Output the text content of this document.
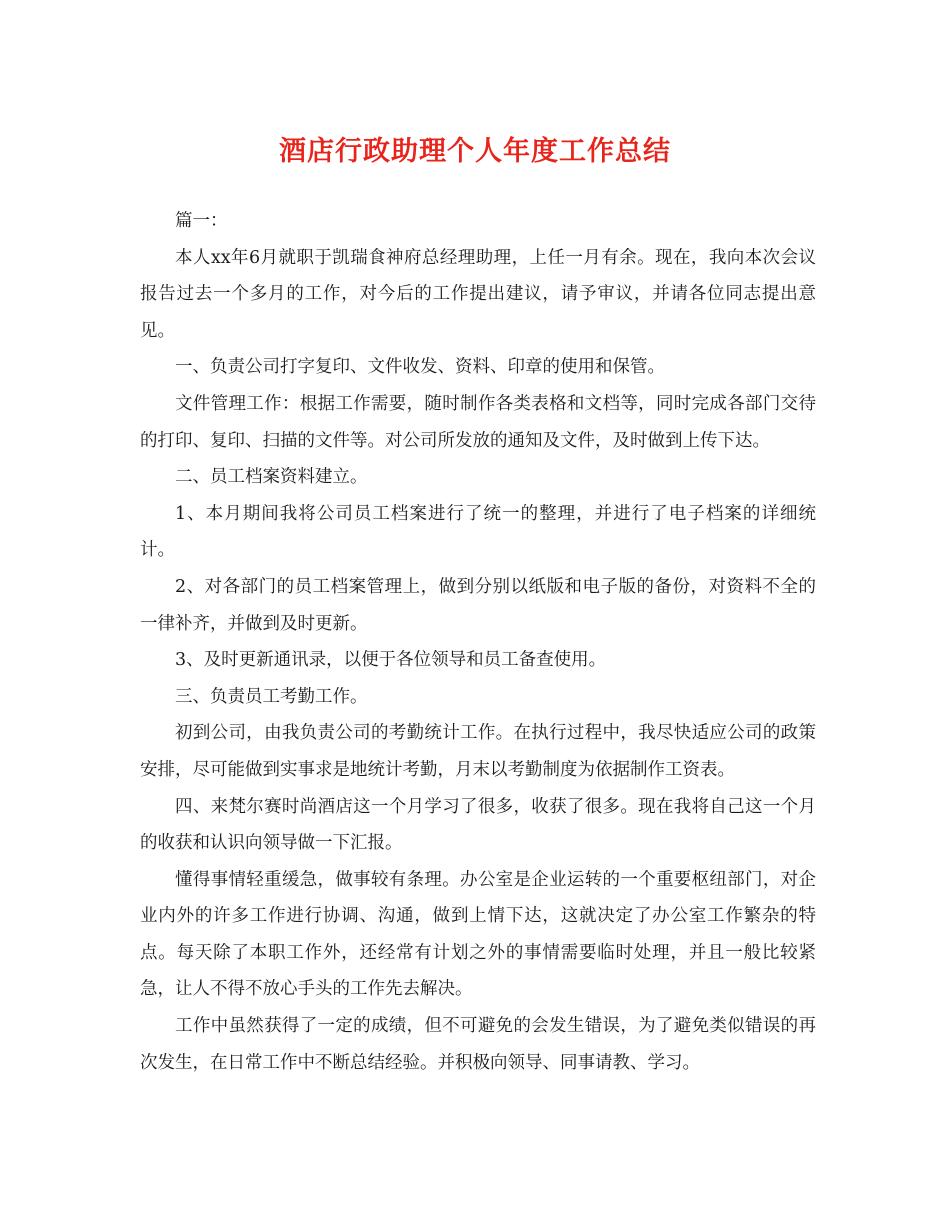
酒店行政助理个人年度工作总结

篇一：

本人xx年6月就职于凯瑞食神府总经理助理，上任一月有余。现在，我向本次会议报告过去一个多月的工作，对今后的工作提出建议，请予审议，并请各位同志提出意见。

一、负责公司打字复印、文件收发、资料、印章的使用和保管。

文件管理工作：根据工作需要，随时制作各类表格和文档等，同时完成各部门交待的打印、复印、扫描的文件等。对公司所发放的通知及文件，及时做到上传下达。

二、员工档案资料建立。

1、本月期间我将公司员工档案进行了统一的整理，并进行了电子档案的详细统计。

2、对各部门的员工档案管理上，做到分别以纸版和电子版的备份，对资料不全的一律补齐，并做到及时更新。

3、及时更新通讯录，以便于各位领导和员工备查使用。

三、负责员工考勤工作。

初到公司，由我负责公司的考勤统计工作。在执行过程中，我尽快适应公司的政策安排，尽可能做到实事求是地统计考勤，月末以考勤制度为依据制作工资表。

四、来梵尔赛时尚酒店这一个月学习了很多，收获了很多。现在我将自己这一个月的收获和认识向领导做一下汇报。

懂得事情轻重缓急，做事较有条理。办公室是企业运转的一个重要枢纽部门，对企业内外的许多工作进行协调、沟通，做到上情下达，这就决定了办公室工作繁杂的特点。每天除了本职工作外，还经常有计划之外的事情需要临时处理，并且一般比较紧急，让人不得不放心手头的工作先去解决。

工作中虽然获得了一定的成绩，但不可避免的会发生错误，为了避免类似错误的再次发生，在日常工作中不断总结经验。并积极向领导、同事请教、学习。
